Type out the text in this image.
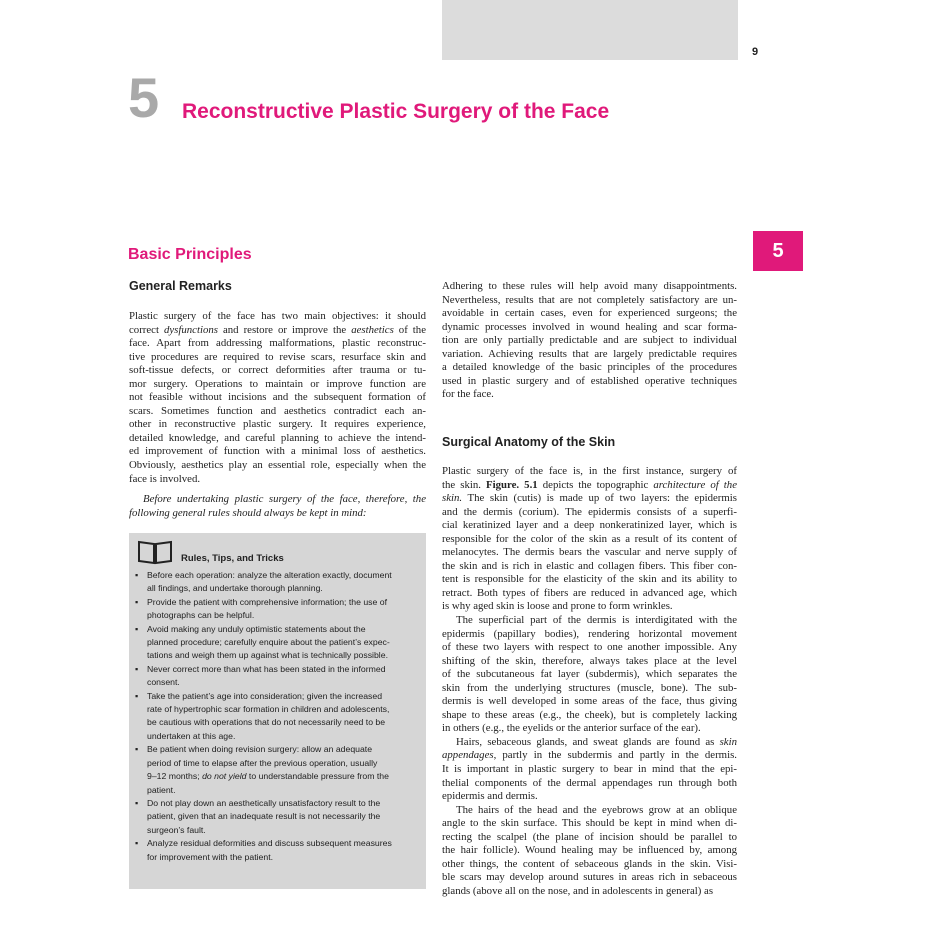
9
5 Reconstructive Plastic Surgery of the Face
5
Basic Principles
General Remarks
Plastic surgery of the face has two main objectives: it should
correct dysfunctions and restore or improve the aesthetics of the
face. Apart from addressing malformations, plastic reconstruc-
tive procedures are required to revise scars, resurface skin and
soft-tissue defects, or correct deformities after trauma or tu-
mor surgery. Operations to maintain or improve function are
not feasible without incisions and the subsequent formation of
scars. Sometimes function and aesthetics contradict each an-
other in reconstructive plastic surgery. It requires experience,
detailed knowledge, and careful planning to achieve the intend-
ed improvement of function with a minimal loss of aesthetics.
Obviously, aesthetics play an essential role, especially when the
face is involved.
Before undertaking plastic surgery of the face, therefore, the
following general rules should always be kept in mind:
Rules, Tips, and Tricks
▪ Before each operation: analyze the alteration exactly, document
all findings, and undertake thorough planning.
▪ Provide the patient with comprehensive information; the use of
photographs can be helpful.
▪ Avoid making any unduly optimistic statements about the
planned procedure; carefully enquire about the patient’s expec-
tations and weigh them up against what is technically possible.
▪ Never correct more than what has been stated in the informed
consent.
▪ Take the patient’s age into consideration; given the increased
rate of hypertrophic scar formation in children and adolescents,
be cautious with operations that do not necessarily need to be
undertaken at this age.
▪ Be patient when doing revision surgery: allow an adequate
period of time to elapse after the previous operation, usually
9–12 months; do not yield to understandable pressure from the
patient.
▪ Do not play down an aesthetically unsatisfactory result to the
patient, given that an inadequate result is not necessarily the
surgeon’s fault.
▪ Analyze residual deformities and discuss subsequent measures
for improvement with the patient.
Adhering to these rules will help avoid many disappointments.
Nevertheless, results that are not completely satisfactory are un-
avoidable in certain cases, even for experienced surgeons; the
dynamic processes involved in wound healing and scar forma-
tion are only partially predictable and are subject to individual
variation. Achieving results that are largely predictable requires
a detailed knowledge of the basic principles of the procedures
used in plastic surgery and of established operative techniques
for the face.
Surgical Anatomy of the Skin
Plastic surgery of the face is, in the first instance, surgery of
the skin. Figure. 5.1 depicts the topographic architecture of the
skin. The skin (cutis) is made up of two layers: the epidermis
and the dermis (corium). The epidermis consists of a superfi-
cial keratinized layer and a deep nonkeratinized layer, which is
responsible for the color of the skin as a result of its content of
melanocytes. The dermis bears the vascular and nerve supply of
the skin and is rich in elastic and collagen fibers. This fiber con-
tent is responsible for the elasticity of the skin and its ability to
retract. Both types of fibers are reduced in advanced age, which
is why aged skin is loose and prone to form wrinkles.
The superficial part of the dermis is interdigitated with the
epidermis (papillary bodies), rendering horizontal movement
of these two layers with respect to one another impossible. Any
shifting of the skin, therefore, always takes place at the level
of the subcutaneous fat layer (subdermis), which separates the
skin from the underlying structures (muscle, bone). The sub-
dermis is well developed in some areas of the face, thus giving
shape to these areas (e.g., the cheek), but is completely lacking
in others (e.g., the eyelids or the anterior surface of the ear).
Hairs, sebaceous glands, and sweat glands are found as skin
appendages, partly in the subdermis and partly in the dermis.
It is important in plastic surgery to bear in mind that the epi-
thelial components of the dermal appendages run through both
epidermis and dermis.
The hairs of the head and the eyebrows grow at an oblique
angle to the skin surface. This should be kept in mind when di-
recting the scalpel (the plane of incision should be parallel to
the hair follicle). Wound healing may be influenced by, among
other things, the content of sebaceous glands in the skin. Visi-
ble scars may develop around sutures in areas rich in sebaceous
glands (above all on the nose, and in adolescents in general) as
